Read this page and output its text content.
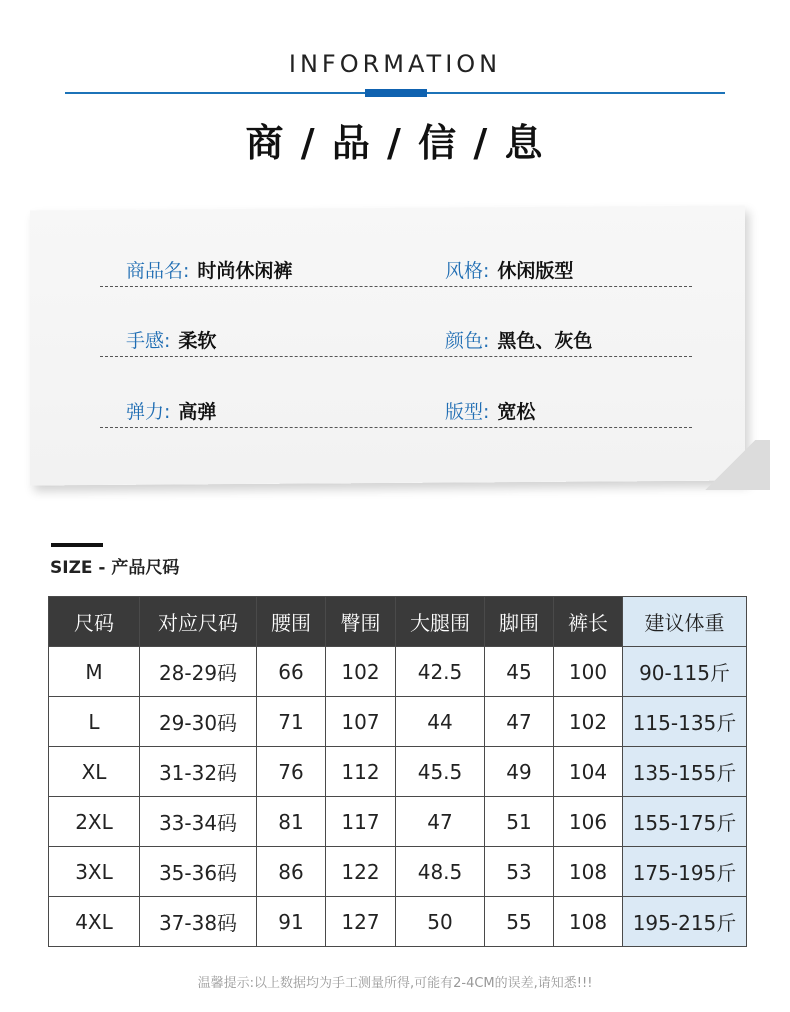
INFORMATION
商 / 品 / 信 / 息
商品名: 时尚休闲裤	风格: 休闲版型
手感: 柔软	颜色: 黑色、灰色
弹力: 高弹	版型: 宽松
SIZE - 产品尺码
尺码	对应尺码	腰围	臀围	大腿围	脚围	裤长	建议体重
M	28-29码	66	102	42.5	45	100	90-115斤
L	29-30码	71	107	44	47	102	115-135斤
XL	31-32码	76	112	45.5	49	104	135-155斤
2XL	33-34码	81	117	47	51	106	155-175斤
3XL	35-36码	86	122	48.5	53	108	175-195斤
4XL	37-38码	91	127	50	55	108	195-215斤
温馨提示:以上数据均为手工测量所得,可能有2-4CM的误差,请知悉!!!
